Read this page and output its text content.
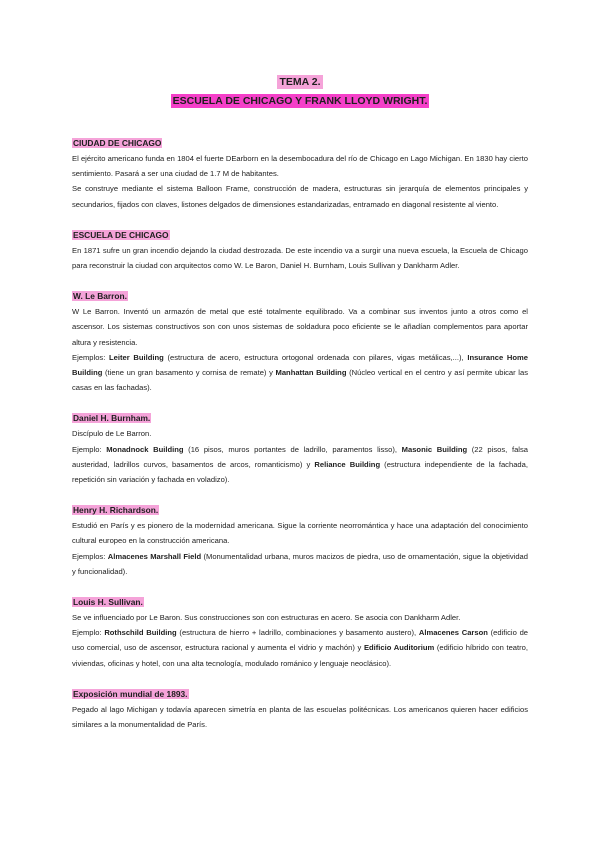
TEMA 2.
ESCUELA DE CHICAGO Y FRANK LLOYD WRIGHT.
CIUDAD DE CHICAGO

El ejército americano funda en 1804 el fuerte DEarborn en la desembocadura del río de Chicago en Lago Michigan. En 1830 hay cierto sentimiento. Pasará a ser una ciudad de 1.7 M de habitantes.

Se construye mediante el sistema Balloon Frame, construcción de madera, estructuras sin jerarquía de elementos principales y secundarios, fijados con claves, listones delgados de dimensiones estandarizadas, entramado en diagonal resistente al viento.

ESCUELA DE CHICAGO

En 1871 sufre un gran incendio dejando la ciudad destrozada. De este incendio va a surgir una nueva escuela, la Escuela de Chicago para reconstruir la ciudad con arquitectos como W. Le Baron, Daniel H. Burnham, Louis Sullivan y Dankharm Adler.

W. Le Barron.

W Le Barron. Inventó un armazón de metal que esté totalmente equilibrado. Va a combinar sus inventos junto a otros como el ascensor. Los sistemas constructivos son con unos sistemas de soldadura poco eficiente se le añadían complementos para aportar altura y resistencia.

Ejemplos: Leiter Building (estructura de acero, estructura ortogonal ordenada con pilares, vigas metálicas,...), Insurance Home Building (tiene un gran basamento y cornisa de remate) y Manhattan Building (Núcleo vertical en el centro y así permite ubicar las casas en las fachadas).

Daniel H. Burnham.

Discípulo de Le Barron.

Ejemplo: Monadnock Building (16 pisos, muros portantes de ladrillo, paramentos lisso), Masonic Building (22 pisos, falsa austeridad, ladrillos curvos, basamentos de arcos, romanticismo) y Reliance Building (estructura independiente de la fachada, repetición sin variación y fachada en voladizo).

Henry H. Richardson.

Estudió en París y es pionero de la modernidad americana. Sigue la corriente neorromántica y hace una adaptación del conocimiento cultural europeo en la construcción americana.

Ejemplos: Almacenes Marshall Field (Monumentalidad urbana, muros macizos de piedra, uso de ornamentación, sigue la objetividad y funcionalidad).

Louis H. Sullivan.

Se ve influenciado por Le Baron. Sus construcciones son con estructuras en acero. Se asocia con Dankharm Adler.

Ejemplo: Rothschild Building (estructura de hierro + ladrillo, combinaciones y basamento austero), Almacenes Carson (edificio de uso comercial, uso de ascensor, estructura racional y aumenta el vidrio y machón) y Edificio Auditorium (edificio híbrido con teatro, viviendas, oficinas y hotel, con una alta tecnología, modulado románico y lenguaje neoclásico).

Exposición mundial de 1893.

Pegado al lago Michigan y todavía aparecen simetría en planta de las escuelas politécnicas. Los americanos quieren hacer edificios similares a la monumentalidad de París.
